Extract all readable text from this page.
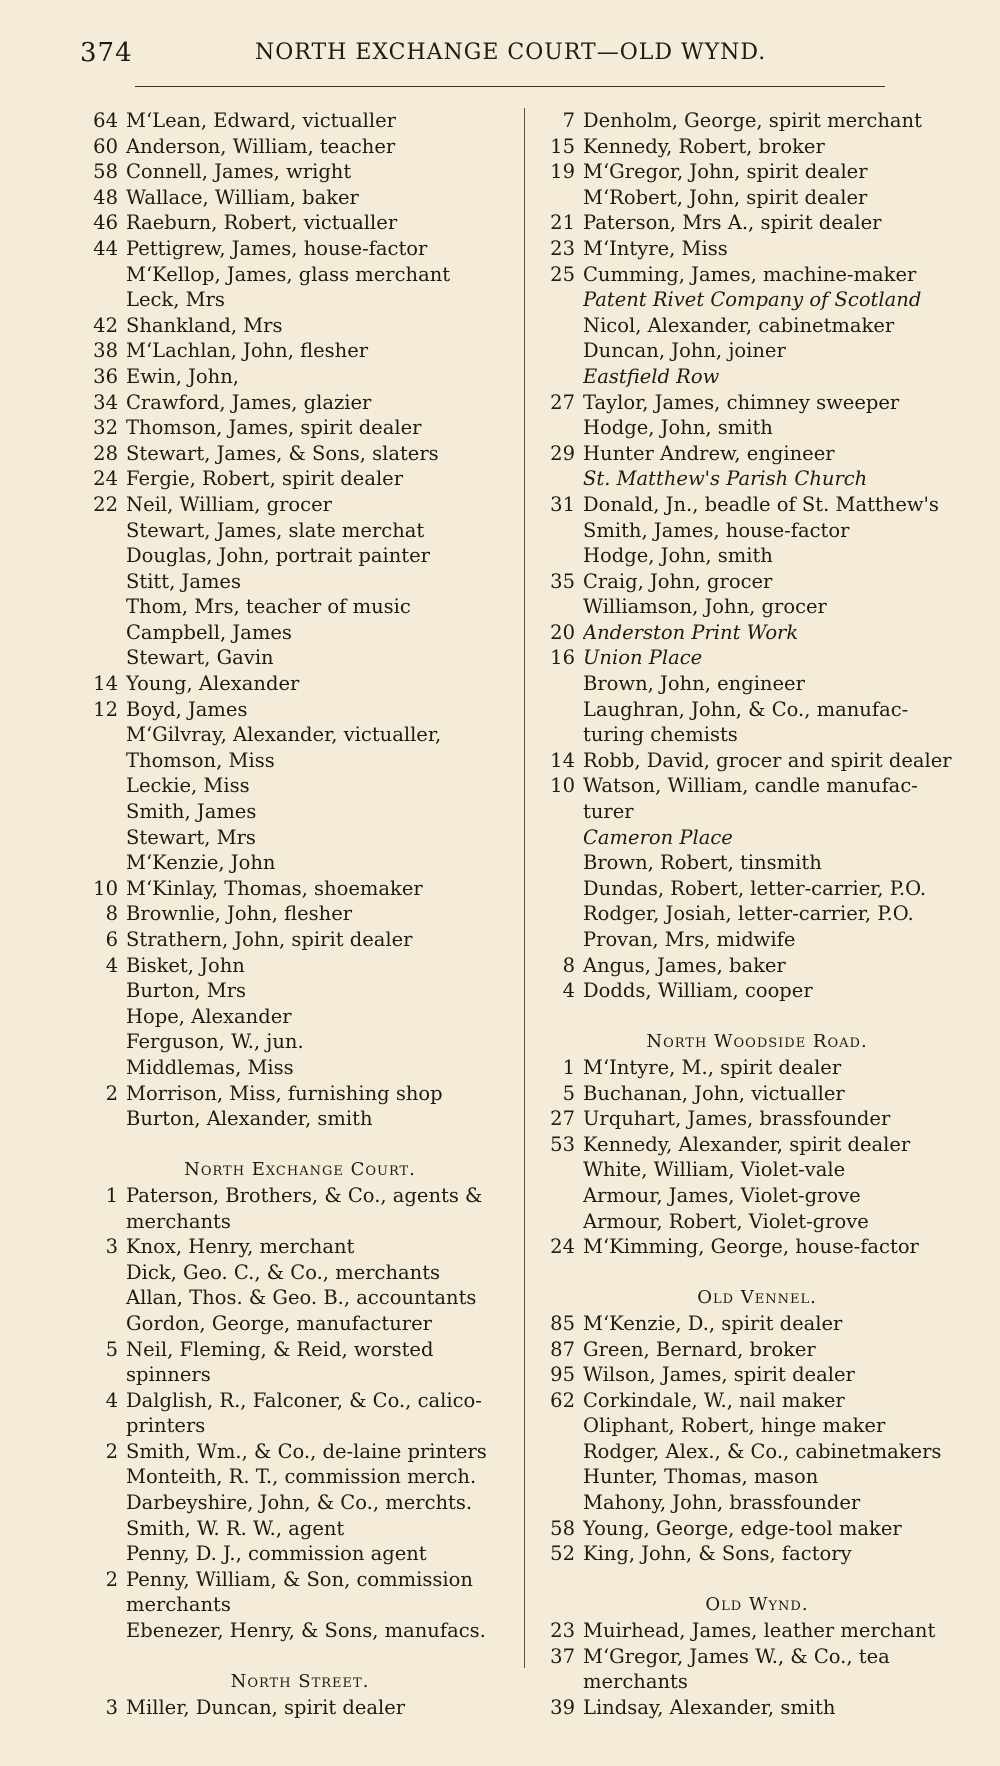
374	NORTH EXCHANGE COURT—OLD WYND.
64 M‘Lean, Edward, victualler
60 Anderson, William, teacher
58 Connell, James, wright
48 Wallace, William, baker
46 Raeburn, Robert, victualler
44 Pettigrew, James, house-factor
M‘Kellop, James, glass merchant
Leck, Mrs
42 Shankland, Mrs
38 M‘Lachlan, John, flesher
36 Ewin, John,
34 Crawford, James, glazier
32 Thomson, James, spirit dealer
28 Stewart, James, & Sons, slaters
24 Fergie, Robert, spirit dealer
22 Neil, William, grocer
Stewart, James, slate merchat
Douglas, John, portrait painter
Stitt, James
Thom, Mrs, teacher of music
Campbell, James
Stewart, Gavin
14 Young, Alexander
12 Boyd, James
M‘Gilvray, Alexander, victualler,
Thomson, Miss
Leckie, Miss
Smith, James
Stewart, Mrs
M‘Kenzie, John
10 M‘Kinlay, Thomas, shoemaker
8 Brownlie, John, flesher
6 Strathern, John, spirit dealer
4 Bisket, John
Burton, Mrs
Hope, Alexander
Ferguson, W., jun.
Middlemas, Miss
2 Morrison, Miss, furnishing shop
Burton, Alexander, smith
North Exchange Court.
1 Paterson, Brothers, & Co., agents &
merchants
3 Knox, Henry, merchant
Dick, Geo. C., & Co., merchants
Allan, Thos. & Geo. B., accountants
Gordon, George, manufacturer
5 Neil, Fleming, & Reid, worsted
spinners
4 Dalglish, R., Falconer, & Co., calico-
printers
2 Smith, Wm., & Co., de-laine printers
Monteith, R. T., commission merch.
Darbeyshire, John, & Co., merchts.
Smith, W. R. W., agent
Penny, D. J., commission agent
2 Penny, William, & Son, commission
merchants
Ebenezer, Henry, & Sons, manufacs.
North Street.
3 Miller, Duncan, spirit dealer
7 Denholm, George, spirit merchant
15 Kennedy, Robert, broker
19 M‘Gregor, John, spirit dealer
M‘Robert, John, spirit dealer
21 Paterson, Mrs A., spirit dealer
23 M‘Intyre, Miss
25 Cumming, James, machine-maker
Patent Rivet Company of Scotland
Nicol, Alexander, cabinetmaker
Duncan, John, joiner
Eastfield Row
27 Taylor, James, chimney sweeper
Hodge, John, smith
29 Hunter Andrew, engineer
St. Matthew's Parish Church
31 Donald, Jn., beadle of St. Matthew's
Smith, James, house-factor
Hodge, John, smith
35 Craig, John, grocer
Williamson, John, grocer
20 Anderston Print Work
16 Union Place
Brown, John, engineer
Laughran, John, & Co., manufac-
turing chemists
14 Robb, David, grocer and spirit dealer
10 Watson, William, candle manufac-
turer
Cameron Place
Brown, Robert, tinsmith
Dundas, Robert, letter-carrier, P.O.
Rodger, Josiah, letter-carrier, P.O.
Provan, Mrs, midwife
8 Angus, James, baker
4 Dodds, William, cooper
North Woodside Road.
1 M‘Intyre, M., spirit dealer
5 Buchanan, John, victualler
27 Urquhart, James, brassfounder
53 Kennedy, Alexander, spirit dealer
White, William, Violet-vale
Armour, James, Violet-grove
Armour, Robert, Violet-grove
24 M‘Kimming, George, house-factor
Old Vennel.
85 M‘Kenzie, D., spirit dealer
87 Green, Bernard, broker
95 Wilson, James, spirit dealer
62 Corkindale, W., nail maker
Oliphant, Robert, hinge maker
Rodger, Alex., & Co., cabinetmakers
Hunter, Thomas, mason
Mahony, John, brassfounder
58 Young, George, edge-tool maker
52 King, John, & Sons, factory
Old Wynd.
23 Muirhead, James, leather merchant
37 M‘Gregor, James W., & Co., tea
merchants
39 Lindsay, Alexander, smith
